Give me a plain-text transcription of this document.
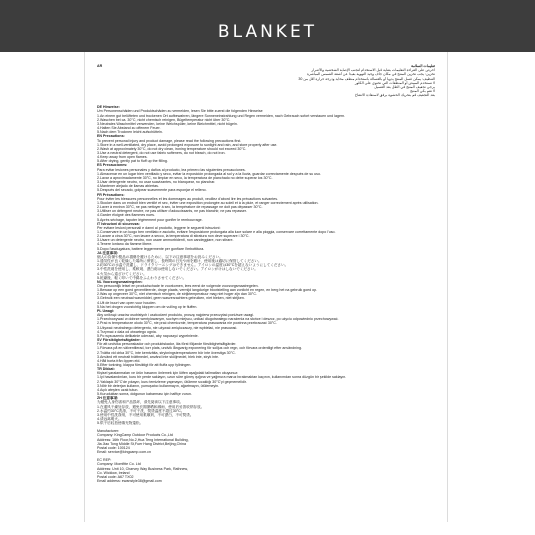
BLANKET
AR	تعليمات السلامة
احرص على القراءة التعليمات بعناية قبل الاستخدام لتجنب الإصابة الشخصية والأضرار
تخزين: يجب تخزين المنتج في مكان جاف وجيد التهوية بعيدا عن أشعة الشمس المباشرة
التنظيف: يمكن غسل المنتج يدويا أو بالغسالة باستخدام منظف محايد ودرجة حرارة أقل من 30
لا تستخدم المبيض أو المنظفات التي تحتوي على الكلور
يرجى تجفيف المنتج في الظل بعد الغسيل
لا تقم بكي المنتج
بعد التجفيف قم بتحريك الحشوة برفق لاستعادة الانتفاخ
DE Hinweise:
Um Personenschäden und Produktschäden zu vermeiden, lesen Sie bitte zuerst die folgenden Hinweise
1.An einem gut belüfteten und trockenen Ort aufbewahren, längere Sonneneinstrahlung und Regen vermeiden, nach Gebrauch sofort verstauen und lagern.
2.Waschen bei ca. 30°C, nicht chemisch reinigen, Bügeltemperatur nicht über 30°C.
3.Neutrales Waschmittel verwenden, keine Weichspüler, keine Bleichmittel, nicht bügeln.
4.Halten Sie Abstand zu offenem Feuer.
5.Nach dem Trocknen leicht aufschütteln.
EN Precautions:
To prevent personal injury and product damage, please read the following precautions first.
1.Store in a well-ventilated, dry place, avoid prolonged exposure to sunlight and rain, and store properly after use.
2.Wash at approximately 30°C, do not dry clean, ironing temperature should not exceed 30°C.
3.Use a neutral detergent, do not use fabric softeners, do not bleach, do not iron.
4.Keep away from open flames.
5.After drying, gently pat to fluff up the filling.
ES Precauciones:
Para evitar lesiones personales y daños al producto, lea primero las siguientes precauciones.
1.Almacenar en un lugar bien ventilado y seco, evitar la exposición prolongada al sol y a la lluvia, guardar correctamente después de su uso.
2.Lavar a aproximadamente 30°C, no limpiar en seco, la temperatura de planchado no debe superar los 30°C.
3.Usar detergente neutro, no usar suavizantes, no blanquear, no planchar.
4.Mantener alejado de llamas abiertas.
5.Después del secado, golpear suavemente para esponjar el relleno.
FR Précautions:
Pour éviter les blessures personnelles et les dommages au produit, veuillez d'abord lire les précautions suivantes.
1.Stocker dans un endroit bien ventilé et sec, éviter une exposition prolongée au soleil et à la pluie, et ranger correctement après utilisation.
2.Laver à environ 30°C, ne pas nettoyer à sec, la température de repassage ne doit pas dépasser 30°C.
3.Utiliser un détergent neutre, ne pas utiliser d'adoucissants, ne pas blanchir, ne pas repasser.
4.Garder éloigné des flammes nues.
5.Après séchage, tapoter légèrement pour gonfler le rembourrage.
IT Istruzioni di sicurezza:
Per evitare lesioni personali e danni al prodotto, leggere le seguenti istruzioni:
1.Conservare in un luogo ben ventilato e asciutto, evitare l'esposizione prolungata alla luce solare e alla pioggia, conservare correttamente dopo l'uso.
2.Lavare a circa 30°C, non lavare a secco, la temperatura di stiratura non deve superare i 30°C.
3.Usare un detergente neutro, non usare ammorbidenti, non candeggiare, non stirare.
4.Tenere lontano da fiamme libere.
5.Dopo l'asciugatura, battere leggermente per gonfiare l'imbottitura.
JA 注意事項:
個人の負傷や製品の損傷を避けるために、以下の注意事項をお読みください。
1.通気性が良く乾燥した場所に保管し、長時間の日光や雨を避け、使用後は適切に保管してください。
2.約30°Cの水温で洗濯し、ドライクリーニングはできません。アイロンの温度は30°Cを超えないようにしてください。
3.中性洗剤を使用し、柔軟剤、漂白剤は使用しないでください。アイロンがけはしないでください。
4.火気から遠ざけてください。
5.乾燥後、軽く叩いて中綿をふんわりさせてください。
NL Voorzorgsmaatregelen:
Om persoonlijk letsel en productschade te voorkomen, lees eerst de volgende voorzorgsmaatregelen.
1.Bewaar op een goed geventileerde, droge plaats, vermijd langdurige blootstelling aan zonlicht en regen, en berg het na gebruik goed op.
2.Was op ongeveer 30°C, niet chemisch reinigen, de strijktemperatuur mag niet hoger zijn dan 30°C.
3.Gebruik een neutraal wasmiddel, geen wasverzachters gebruiken, niet bleken, niet strijken.
4.Uit de buurt van open vuur houden.
5.Na het drogen voorzichtig kloppen om de vulling op te fluffen.
PL Uwagi:
Aby uniknąć urazów osobistych i uszkodzeń produktu, proszę najpierw przeczytać poniższe uwagi.
1.Przechowywać w dobrze wentylowanym, suchym miejscu, unikać długotrwałego narażenia na słońce i deszcz, po użyciu odpowiednio przechowywać.
2.Prać w temperaturze około 30°C, nie prać chemicznie, temperatura prasowania nie powinna przekraczać 30°C.
3.Używać neutralnego detergentu, nie używać zmiękczaczy, nie wybielać, nie prasować.
4.Trzymać z dala od otwartego ognia.
5.Po wysuszeniu delikatnie uderzać, aby napuszyć wypełnienie.
SV Försiktighetsåtgärder:
För att undvika personskador och produktskador, läs först följande försiktighetsåtgärder.
1.Förvara på en välventilerad, torr plats, undvik långvarig exponering för solljus och regn, och förvara ordentligt efter användning.
2.Tvätta vid cirka 30°C, inte kemtvätta, strykningstemperaturen bör inte överstiga 30°C.
3.Använd ett neutralt tvättmedel, använd inte sköljmedel, blek inte, stryk inte.
4.Håll borta från öppen eld.
5.Efter torkning, klappa försiktigt för att fluffa upp fyllningen.
TR Dikkat:
Kişisel yaralanmaları ve ürün hasarını önlemek için lütfen aşağıdaki talimatları okuyunuz:
1.İyi havalandırılan, kuru bir yerde saklayın, uzun süre güneş ışığına ve yağmura maruz bırakmaktan kaçının, kullanımdan sonra düzgün bir şekilde saklayın.
2.Yaklaşık 30°C'de yıkayın, kuru temizleme yapmayın, ütüleme sıcaklığı 30°C'yi geçmemelidir.
3.Nötr bir deterjan kullanın, yumuşatıcı kullanmayın, ağartmayın, ütülemeyin.
4.Açık ateşten uzak tutun.
5.Kuruduktan sonra, dolgunun kabarması için hafifçe vurun.
ZH 注意事项:
为避免人身伤害和产品损坏，请先阅读以下注意事项。
1.在通风干燥处存放，避免长期暴晒和淋雨，使用后妥善收纳存放。
2.水温约30°C洗涤，不可干洗，熨烫温度不超过30°C。
3.使用中性洗涤剂，不可使用柔顺剂，不可漂白，不可熨烫。
4.请远离明火。
5.烘干后轻拍使填充物蓬松。
Manufacturer:
Company: KingCamp Outdoor Products Co.,Ltd
Address: 16th Floor,No.2,Hua Teng International Building,
Jia Jiao Tong Middle St,Fuer Hang District,Beijing,China
Postal code: 100124
Email: service@kingcamp.com.cn
EC REP:
Company: Momfitte Co. Ltd
Address: Unit 10, Charvey Way Business Park, Rathnew,
Co. Wicklow, Ireland
Postal code: A67 TX02
Email address: ewanstyle38@gmail.com
